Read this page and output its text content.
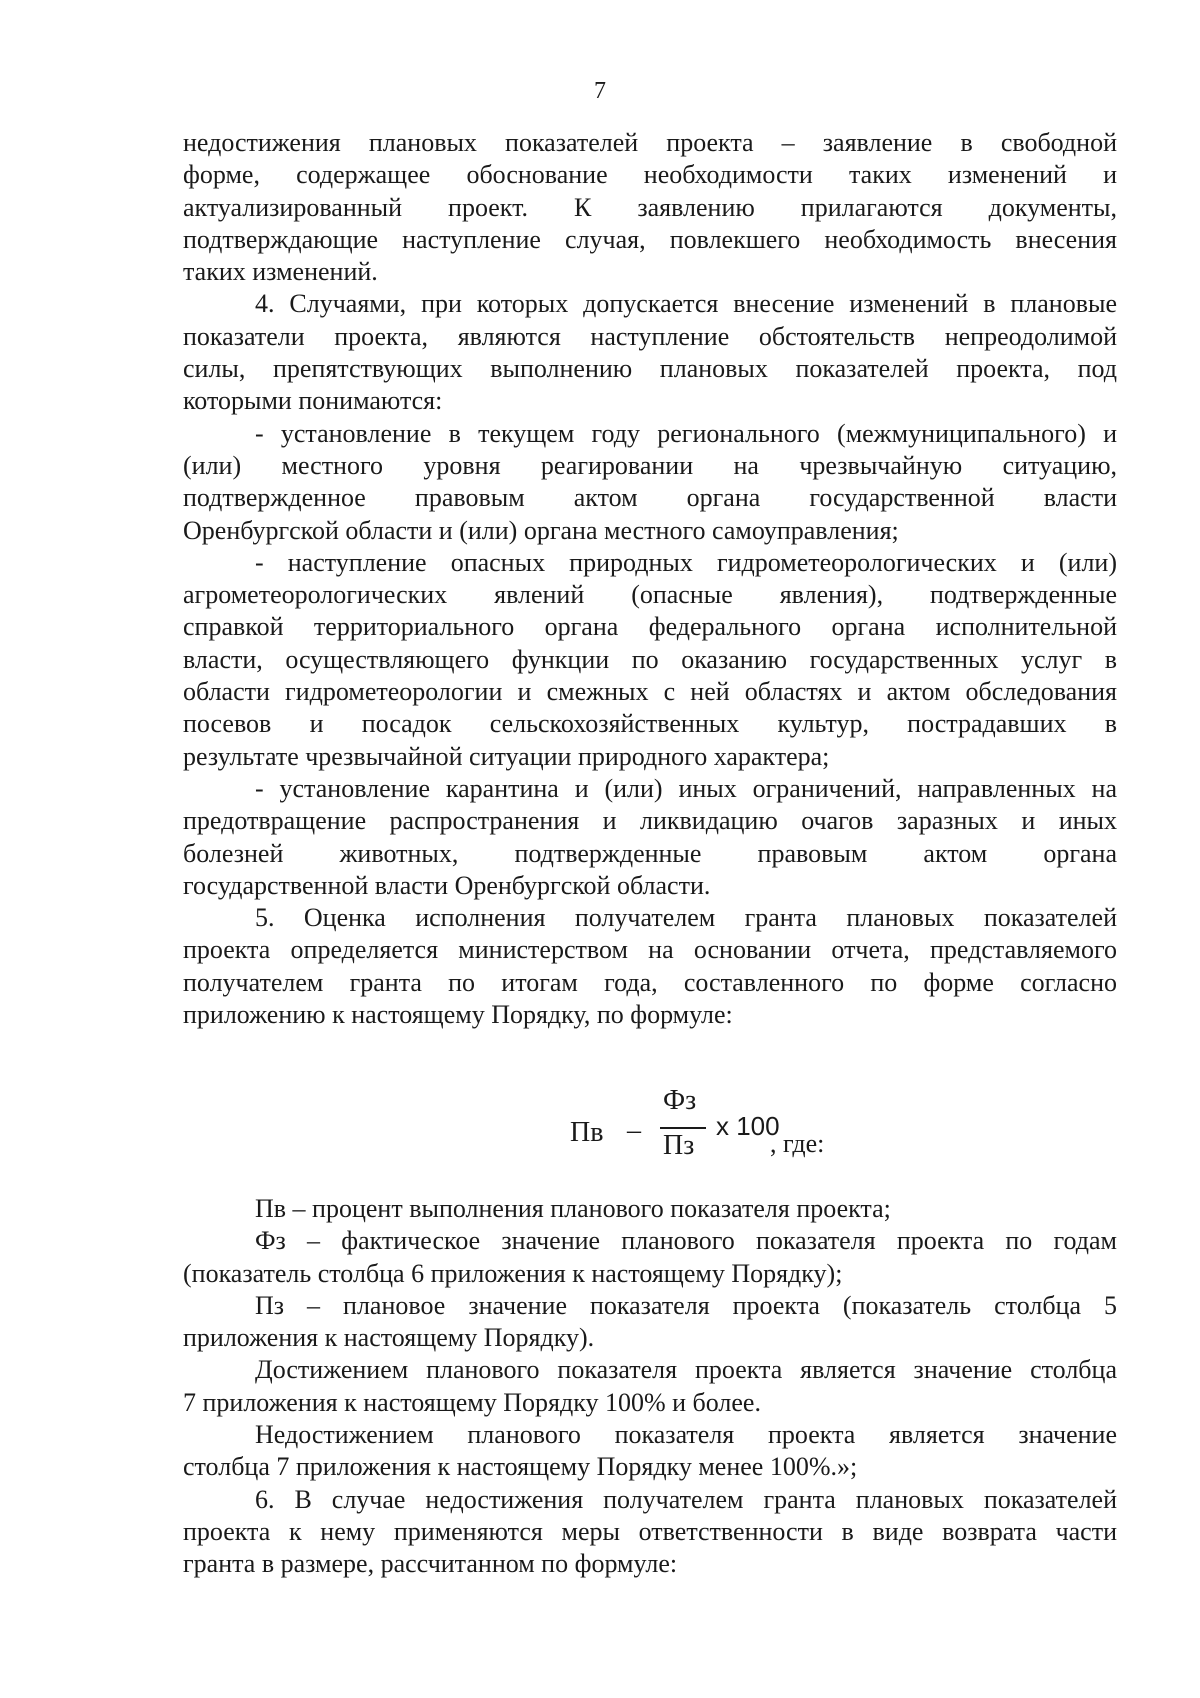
7
недостижения плановых показателей проекта – заявление в свободной
форме, содержащее обоснование необходимости таких изменений и
актуализированный проект. К заявлению прилагаются документы,
подтверждающие наступление случая, повлекшего необходимость внесения
таких изменений.
4. Случаями, при которых допускается внесение изменений в плановые
показатели проекта, являются наступление обстоятельств непреодолимой
силы, препятствующих выполнению плановых показателей проекта, под
которыми понимаются:
- установление в текущем году регионального (межмуниципального) и
(или) местного уровня реагировании на чрезвычайную ситуацию,
подтвержденное правовым актом органа государственной власти
Оренбургской области и (или) органа местного самоуправления;
- наступление опасных природных гидрометеорологических и (или)
агрометеорологических явлений (опасные явления), подтвержденные
справкой территориального органа федерального органа исполнительной
власти, осуществляющего функции по оказанию государственных услуг в
области гидрометеорологии и смежных с ней областях и актом обследования
посевов и посадок сельскохозяйственных культур, пострадавших в
результате чрезвычайной ситуации природного характера;
- установление карантина и (или) иных ограничений, направленных на
предотвращение распространения и ликвидацию очагов заразных и иных
болезней животных, подтвержденные правовым актом органа
государственной власти Оренбургской области.
5. Оценка исполнения получателем гранта плановых показателей
проекта определяется министерством на основании отчета, представляемого
получателем гранта по итогам года, составленного по форме согласно
приложению к настоящему Порядку, по формуле:
Пв –
Фз
Пз
x 100
, где:
Пв – процент выполнения планового показателя проекта;
Фз – фактическое значение планового показателя проекта по годам
(показатель столбца 6 приложения к настоящему Порядку);
Пз – плановое значение показателя проекта (показатель столбца 5
приложения к настоящему Порядку).
Достижением планового показателя проекта является значение столбца
7 приложения к настоящему Порядку 100% и более.
Недостижением планового показателя проекта является значение
столбца 7 приложения к настоящему Порядку менее 100%.»;
6. В случае недостижения получателем гранта плановых показателей
проекта к нему применяются меры ответственности в виде возврата части
гранта в размере, рассчитанном по формуле:
